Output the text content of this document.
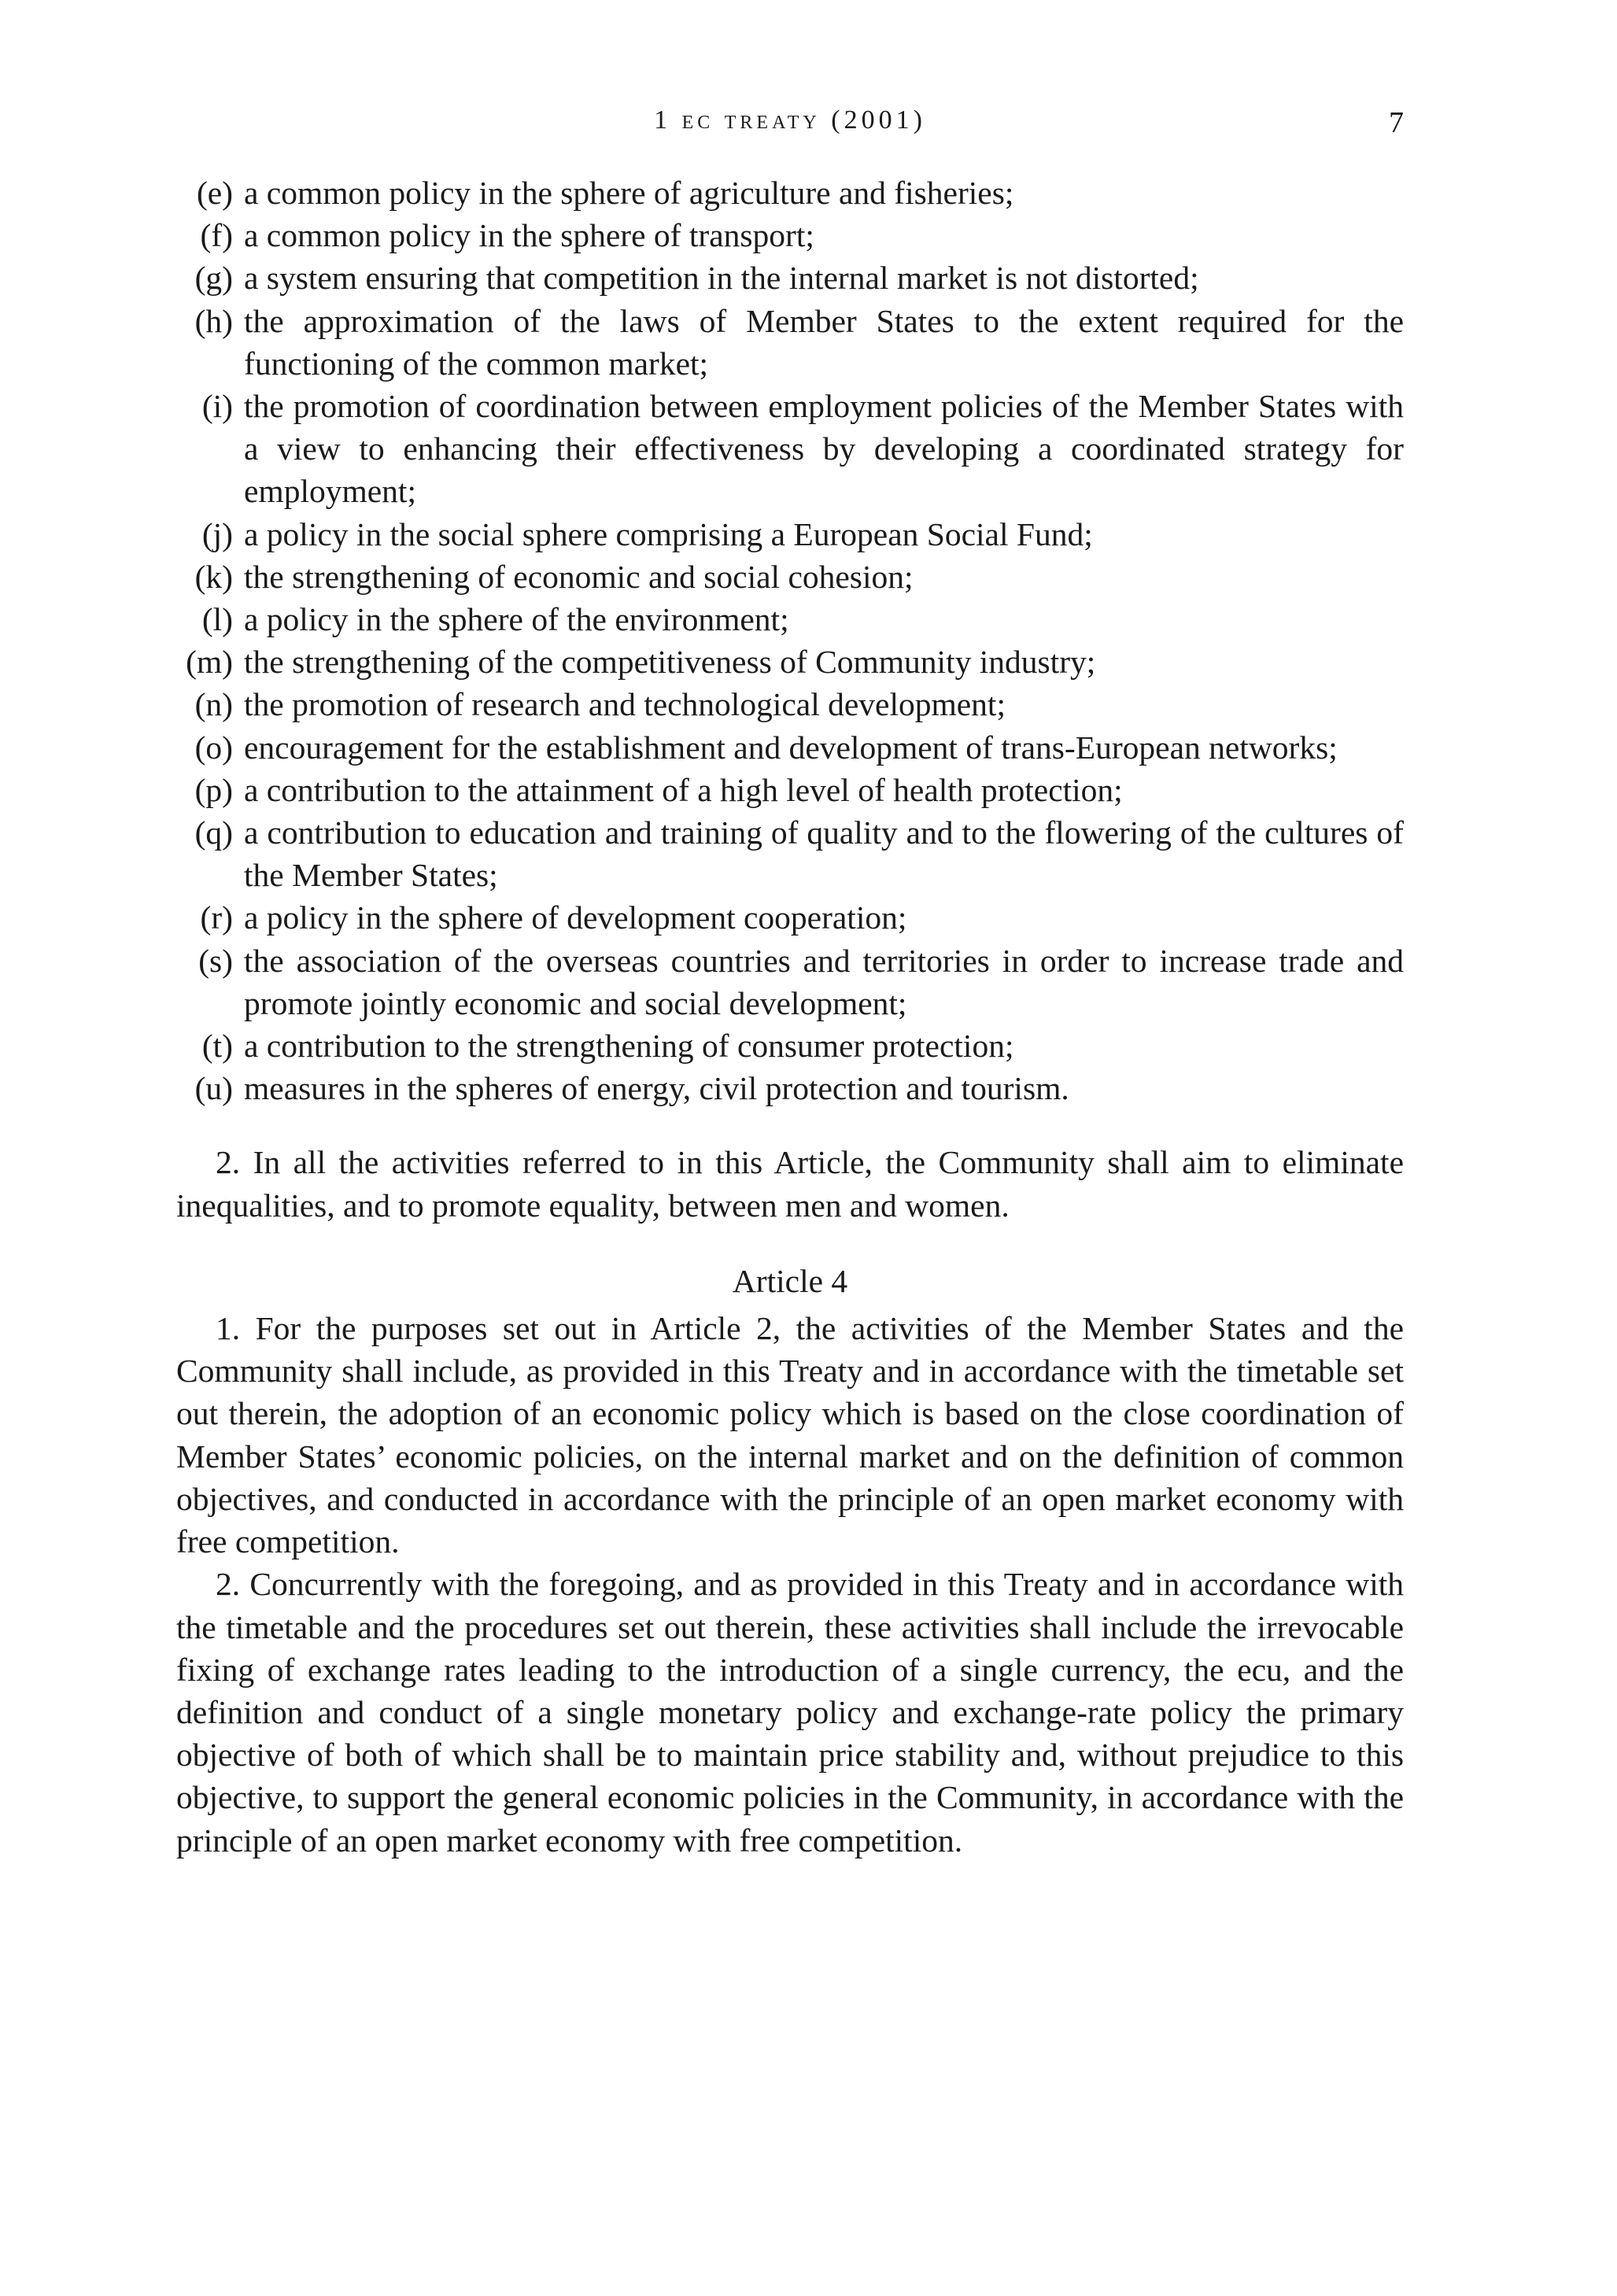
1 ec treaty (2001)	7
(e) a common policy in the sphere of agriculture and fisheries;
(f) a common policy in the sphere of transport;
(g) a system ensuring that competition in the internal market is not distorted;
(h) the approximation of the laws of Member States to the extent required for the functioning of the common market;
(i) the promotion of coordination between employment policies of the Member States with a view to enhancing their effectiveness by developing a coordinated strategy for employment;
(j) a policy in the social sphere comprising a European Social Fund;
(k) the strengthening of economic and social cohesion;
(l) a policy in the sphere of the environment;
(m) the strengthening of the competitiveness of Community industry;
(n) the promotion of research and technological development;
(o) encouragement for the establishment and development of trans-European networks;
(p) a contribution to the attainment of a high level of health protection;
(q) a contribution to education and training of quality and to the flowering of the cultures of the Member States;
(r) a policy in the sphere of development cooperation;
(s) the association of the overseas countries and territories in order to increase trade and promote jointly economic and social development;
(t) a contribution to the strengthening of consumer protection;
(u) measures in the spheres of energy, civil protection and tourism.

2. In all the activities referred to in this Article, the Community shall aim to eliminate inequalities, and to promote equality, between men and women.

Article 4

1. For the purposes set out in Article 2, the activities of the Member States and the Community shall include, as provided in this Treaty and in accordance with the timetable set out therein, the adoption of an economic policy which is based on the close coordination of Member States’ economic policies, on the internal market and on the definition of common objectives, and conducted in accordance with the principle of an open market economy with free competition.

2. Concurrently with the foregoing, and as provided in this Treaty and in accordance with the timetable and the procedures set out therein, these activities shall include the irrevocable fixing of exchange rates leading to the introduction of a single currency, the ecu, and the definition and conduct of a single monetary policy and exchange-rate policy the primary objective of both of which shall be to maintain price stability and, without prejudice to this objective, to support the general economic policies in the Community, in accordance with the principle of an open market economy with free competition.
